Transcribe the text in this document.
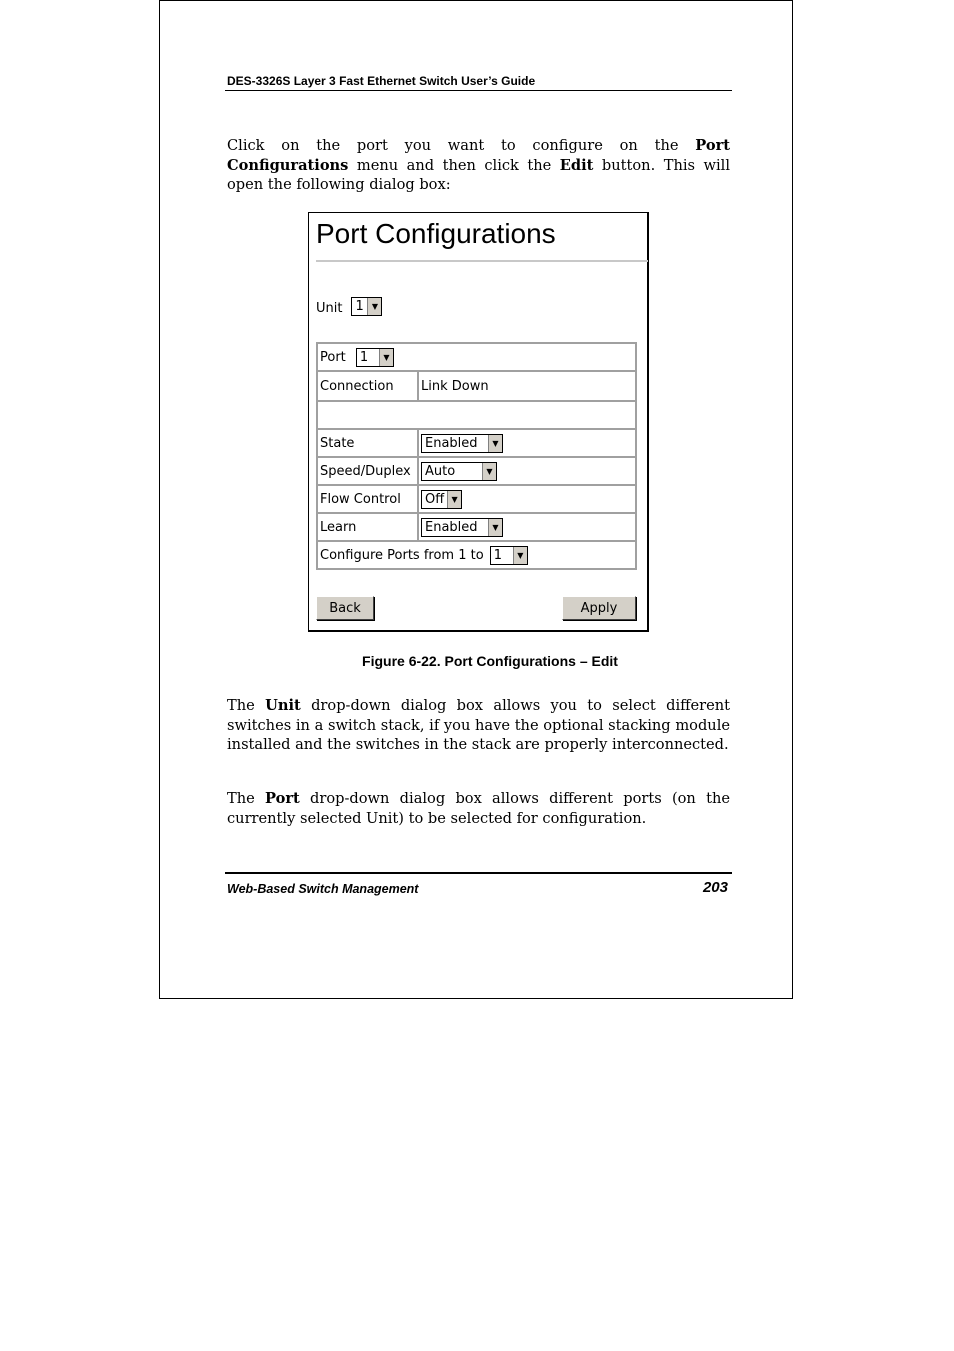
DES-3326S Layer 3 Fast Ethernet Switch User’s Guide

Click on the port you want to configure on the Port Configurations menu and then click the Edit button. This will open the following dialog box:

Port Configurations
Unit 1	▼
Port 1 ▼	

Connection	Link Down

State	Enabled ▼

Speed/Duplex	Auto ▼

Flow Control	Off ▼

Learn	Enabled ▼

Configure Ports from 1 to 1 ▼	
Back	Apply
Figure 6-22. Port Configurations – Edit

The Unit drop-down dialog box allows you to select different switches in a switch stack, if you have the optional stacking module installed and the switches in the stack are properly interconnected.

The Port drop-down dialog box allows different ports (on the currently selected Unit) to be selected for configuration.

Web-Based Switch Management	203
